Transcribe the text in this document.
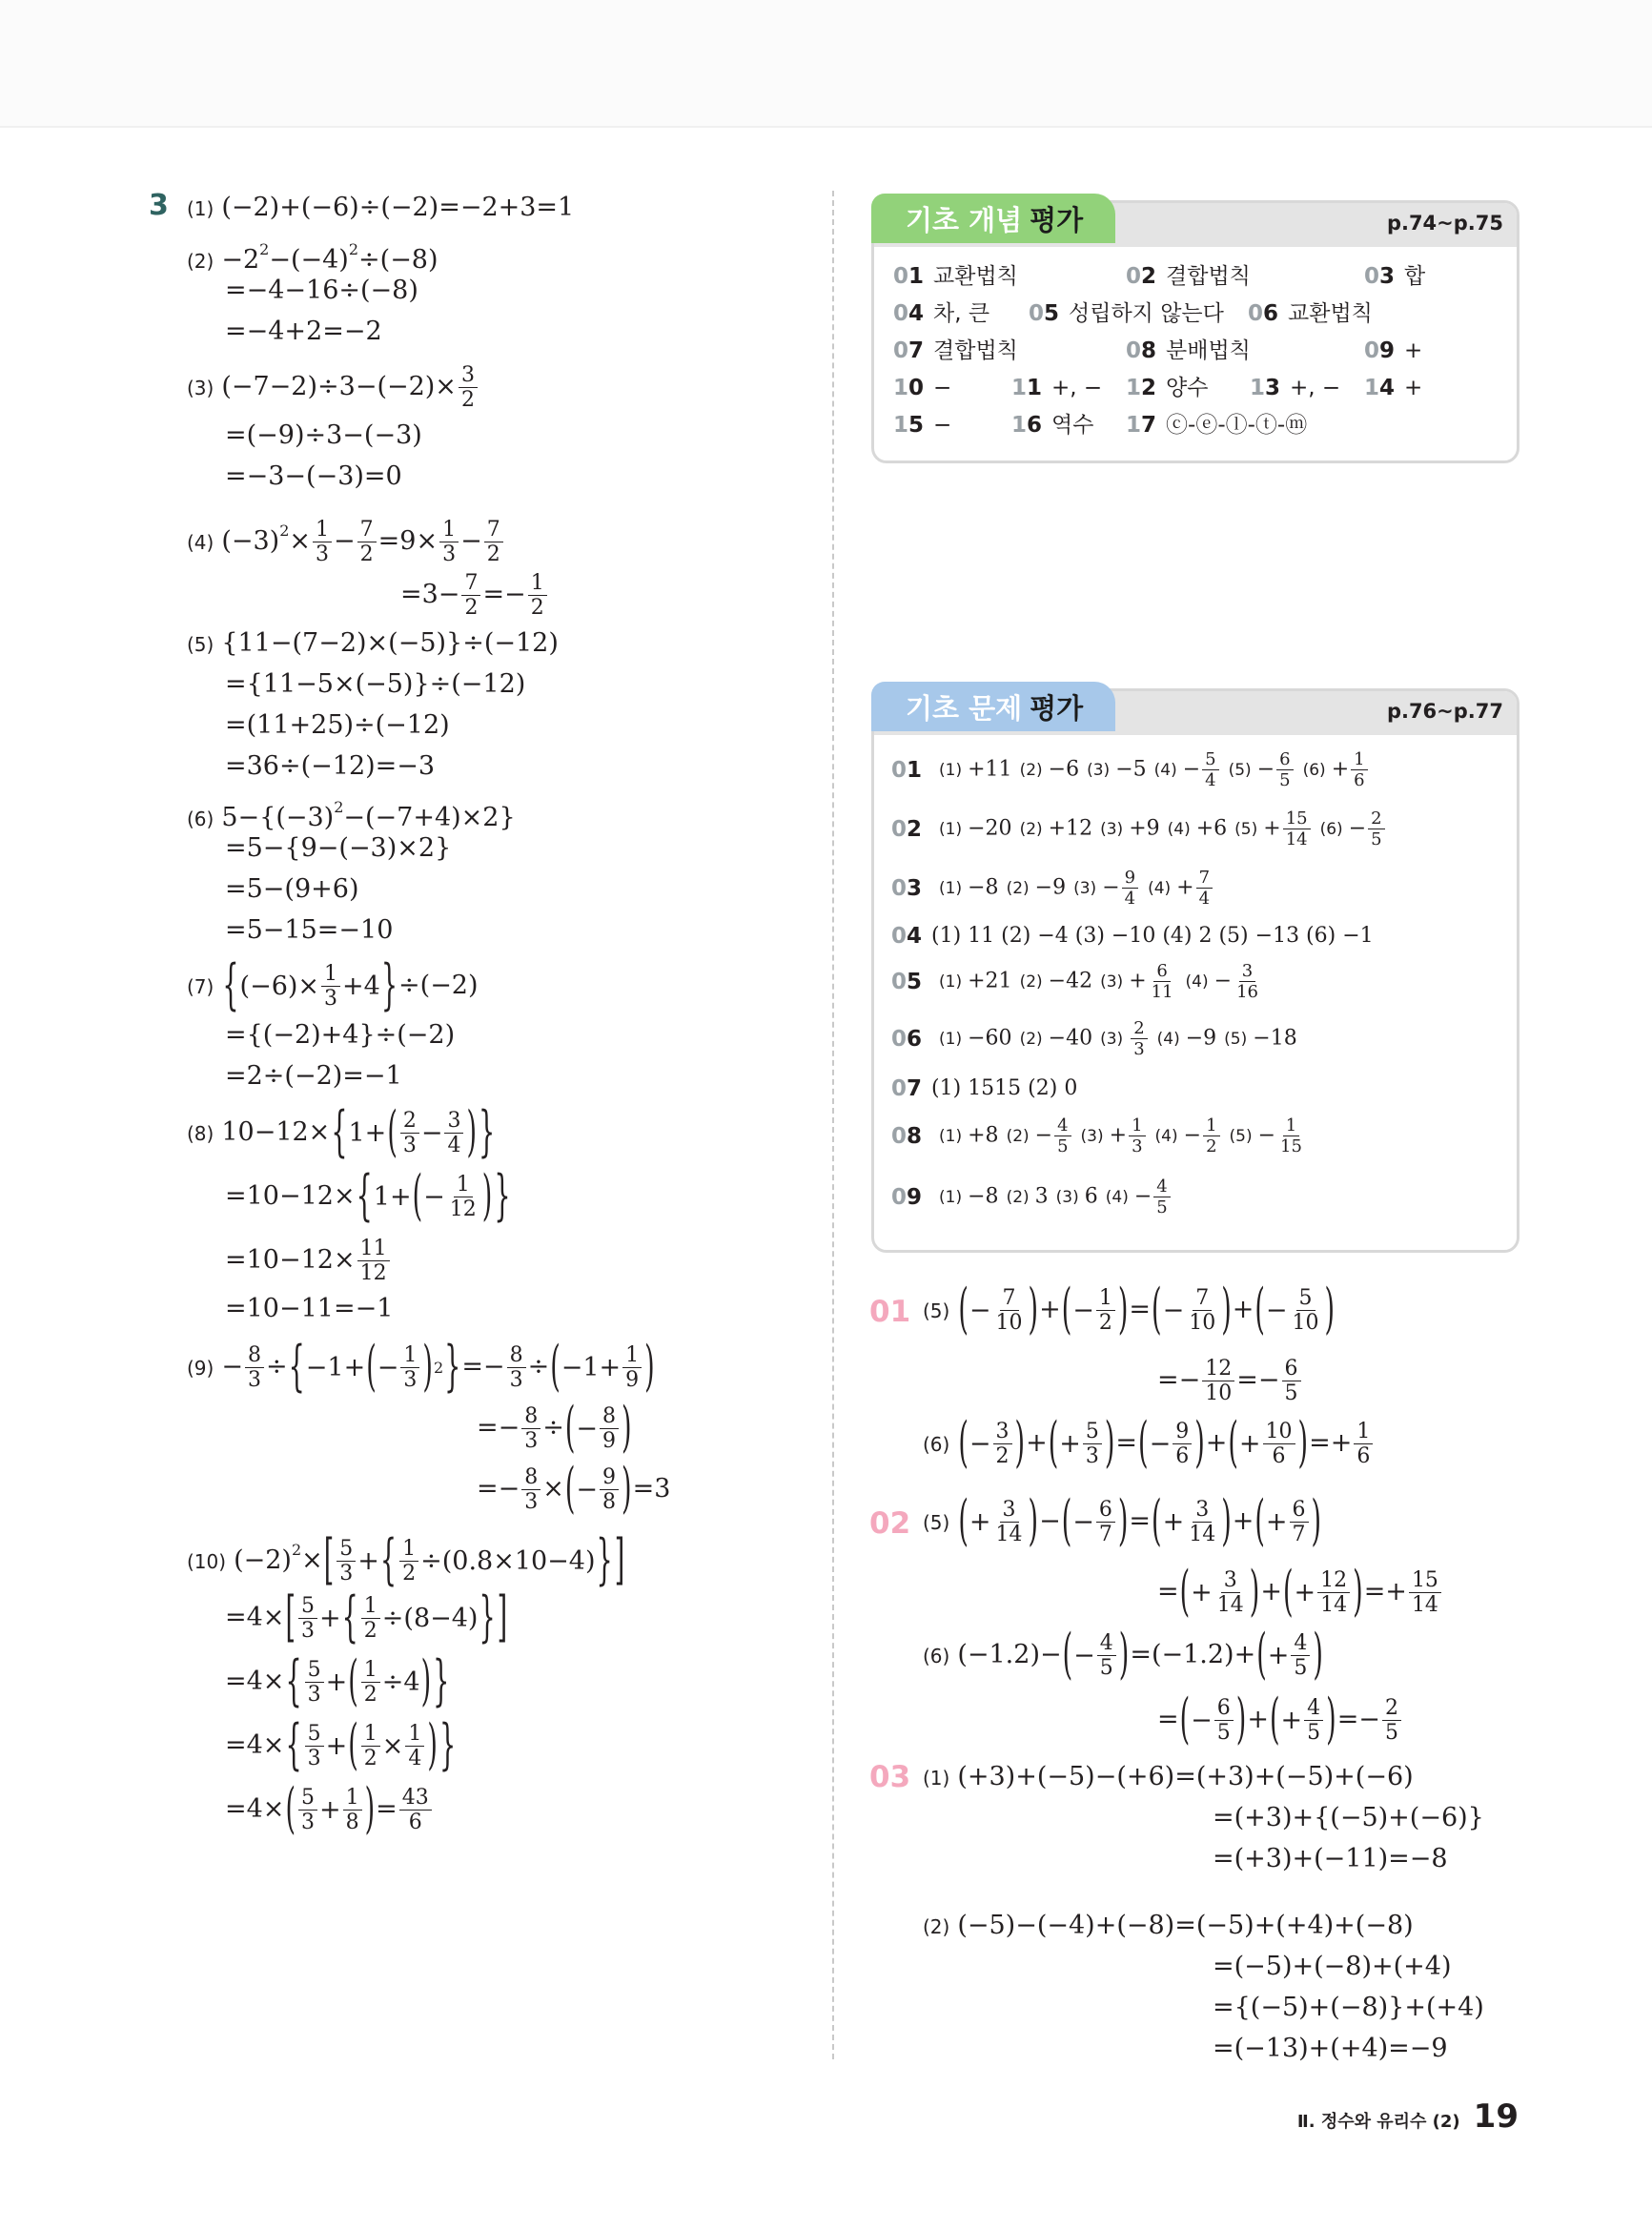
3 (1) (−2)+(−6)÷(−2)=−2+3=1
$(2) -2^2-(-4)^2\div(-8)$
=−4−16÷(−8)
=−4+2=−2
(3) $(-7-2)\div 3-(-2)\times \frac{3}{2}$
=(−9)÷3−(−3)
=−3−(−3)=0
(4) $(-3)^2\times \frac{1}{3} - \frac{7}{2} =9\times \frac{1}{3} - \frac{7}{2}$
$=3- \frac{7}{2} =- \frac{1}{2}$
(5) {11−(7−2)×(−5)}÷(−12)
={11−5×(−5)}÷(−12)
=(11+25)÷(−12)
=36÷(−12)=−3
(6) $5-\{(-3)^2-(-7+4)\times 2\}$
=5−{9−(−3)×2}
=5−(9+6)
=5−15=−10
(7) { $(-6)\times \frac{1}{3} +4$ } ÷(−2)
={(−2)+4}÷(−2)
=2÷(−2)=−1
(8) 10−12× { 1+ ( $\frac{2}{3} - \frac{3}{4}$ ) }
=10−12× { 1+ ( − $\frac{1}{12}$ ) }
$=10-12\times \frac{11}{12}$
=10−11=−1
$(9) - \frac{8}{3}$ ÷ { −1+ ( − $\frac{1}{3}$ ) 2 } =− $\frac{8}{3}$ ÷ ( $-1+ \frac{1}{9}$ )
=− $\frac{8}{3}$ ÷ ( − $\frac{8}{9}$ )
=− $\frac{8}{3}$ × ( − $\frac{9}{8}$ ) =3
(10) $(-2)^2\times$ [ $\frac{5}{3}$ + { $\frac{1}{2} \div(0.8\times 10-4)$ } ]
=4× [ $\frac{5}{3}$ + { $\frac{1}{2} \div(8-4)$ } ]
=4× { $\frac{5}{3}$ + ( $\frac{1}{2} \div 4$ ) }
=4× { $\frac{5}{3}$ + ( $\frac{1}{2} \times \frac{1}{4}$ ) }
=4× ( $\frac{5}{3} + \frac{1}{8}$ ) = $\frac{43}{6}$
기초 개념 평가	p.74~p.75
01 교환법칙	02 결합법칙	03 합
04 차, 큰 05 성립하지 않는다 06 교환법칙
07 결합법칙	08 분배법칙	09 +
10 −	11 +, − 12 양수 13 +, − 14 +
15 −	16 역수 17 ⓒ-ⓔ-ⓛ-ⓣ-ⓜ
기초 문제 평가	p.76~p.77
01 (1) +11 (2) −6 (3) −5 $(4) - \frac{5}{4} (5) - \frac{6}{5} (6) + \frac{1}{6}$
02 (1) −20 (2) +12 (3) +9 (4) +6 $(5) + \frac{15}{14} (6) - \frac{2}{5}$
03 (1) −8 (2) −9 $(3) - \frac{9}{4} (4) + \frac{7}{4}$
04 (1) 11 (2) −4 (3) −10 (4) 2 (5) −13 (6) −1
05 (1) +21 (2) −42 $(3) + \frac{6}{11} (4) - \frac{3}{16}$
06 (1) −60 (2) −40 $(3) \frac{2}{3} (4) -9$ (5) −18
07 (1) 1515 (2) 0
08 (1) +8 $(2) - \frac{4}{5} (3) + \frac{1}{3} (4) - \frac{1}{2} (5) - \frac{1}{15}$
09 (1) −8 (2) 3 (3) 6 $(4) - \frac{4}{5}$
01 (5) ( − $\frac{7}{10}$ ) + ( − $\frac{1}{2}$ ) = ( − $\frac{7}{10}$ ) + ( − $\frac{5}{10}$ )
=− $\frac{12}{10} =- \frac{6}{5}$
(6) ( − $\frac{3}{2}$ ) + ( + $\frac{5}{3}$ ) = ( − $\frac{9}{6}$ ) + ( + $\frac{10}{6}$ ) =+ $\frac{1}{6}$
02 (5) ( + $\frac{3}{14}$ ) − ( − $\frac{6}{7}$ ) = ( + $\frac{3}{14}$ ) + ( + $\frac{6}{7}$ )
= ( + $\frac{3}{14}$ ) + ( + $\frac{12}{14}$ ) =+ $\frac{15}{14}$
(6) (−1.2)− ( − $\frac{4}{5}$ ) =(−1.2)+ ( + $\frac{4}{5}$ )
= ( − $\frac{6}{5}$ ) + ( + $\frac{4}{5}$ ) =− $\frac{2}{5}$
03 (1) (+3)+(−5)−(+6)=(+3)+(−5)+(−6)
=(+3)+{(−5)+(−6)}
=(+3)+(−11)=−8
(2) (−5)−(−4)+(−8)=(−5)+(+4)+(−8)
=(−5)+(−8)+(+4)
={(−5)+(−8)}+(+4)
=(−13)+(+4)=−9
Ⅱ. 정수와 유리수 (2) 19
